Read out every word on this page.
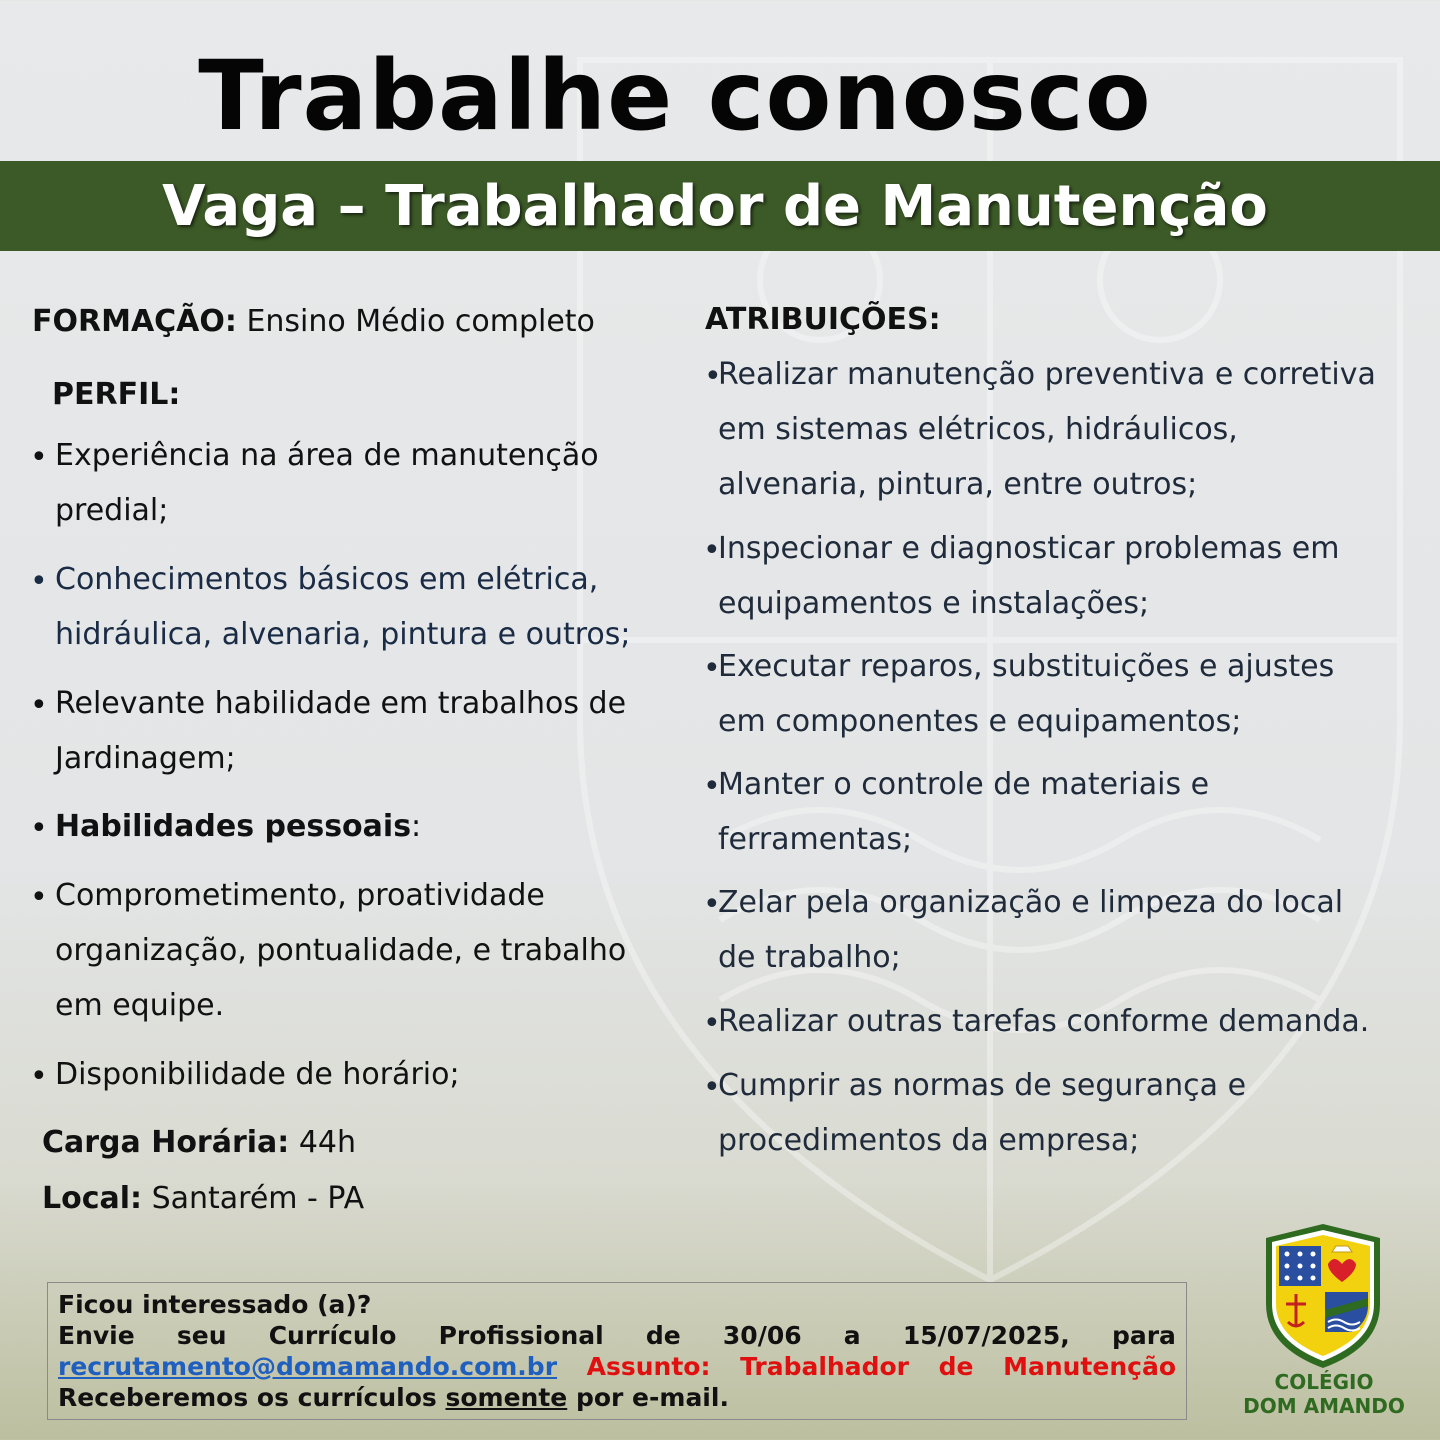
Trabalhe conosco
Vaga – Trabalhador de Manutenção
FORMAÇÃO: Ensino Médio completo
PERFIL:
• Experiência na área de manutenção
predial;
• Conhecimentos básicos em elétrica,
hidráulica, alvenaria, pintura e outros;
• Relevante habilidade em trabalhos de
Jardinagem;
• Habilidades pessoais:
• Comprometimento, proatividade
organização, pontualidade, e trabalho
em equipe.
• Disponibilidade de horário;
Carga Horária: 44h
Local: Santarém - PA
ATRIBUIÇÕES:
•
Realizar manutenção preventiva e corretiva
em sistemas elétricos, hidráulicos,
alvenaria, pintura, entre outros;
•
Inspecionar e diagnosticar problemas em
equipamentos e instalações;
•
Executar reparos, substituições e ajustes
em componentes e equipamentos;
•
Manter o controle de materiais e
ferramentas;
•
Zelar pela organização e limpeza do local
de trabalho;
•
Realizar outras tarefas conforme demanda.
•
Cumprir as normas de segurança e
procedimentos da empresa;
Ficou interessado (a)?
Envie seu Currículo Profissional de 30/06 a 15/07/2025, para
recrutamento@domamando.com.br Assunto: Trabalhador de Manutenção
Receberemos os currículos somente por e-mail.
COLÉGIO
DOM AMANDO
